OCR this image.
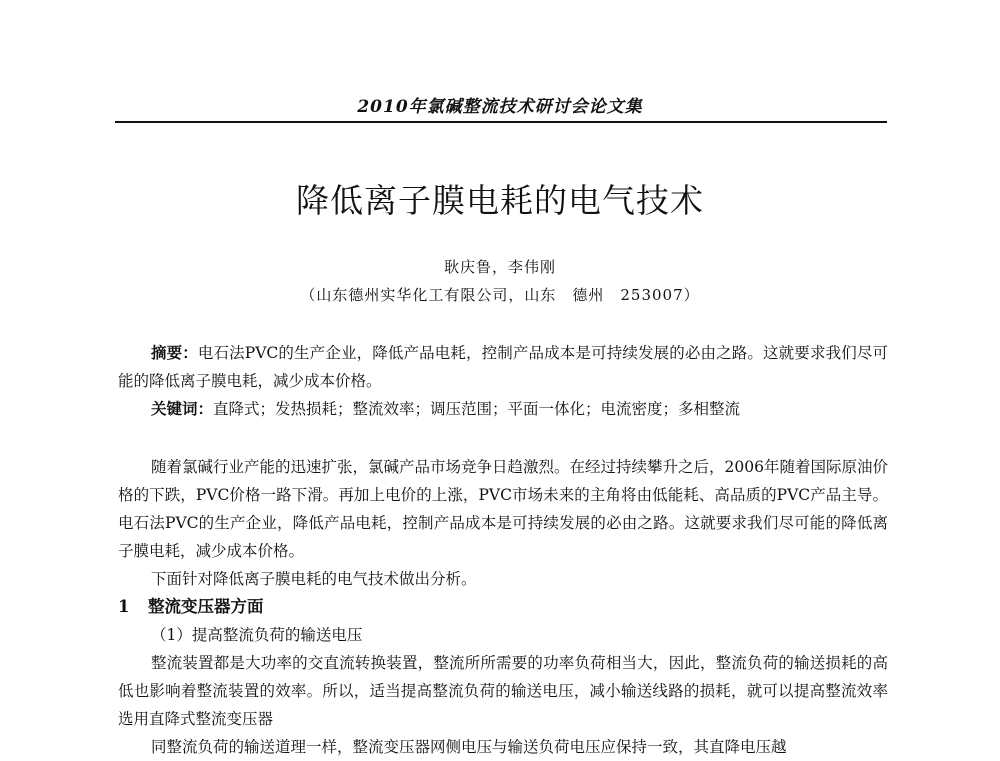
2010年氯碱整流技术研讨会论文集
降低离子膜电耗的电气技术
耿庆鲁，李伟刚
（山东德州实华化工有限公司，山东　德州　253007）

摘要：电石法PVC的生产企业，降低产品电耗，控制产品成本是可持续发展的必由之路。这就要求我们尽可能的降低离子膜电耗，减少成本价格。

关键词：直降式；发热损耗；整流效率；调压范围；平面一体化；电流密度；多相整流

随着氯碱行业产能的迅速扩张，氯碱产品市场竞争日趋激烈。在经过持续攀升之后，2006年随着国际原油价格的下跌，PVC价格一路下滑。再加上电价的上涨，PVC市场未来的主角将由低能耗、高品质的PVC产品主导。电石法PVC的生产企业，降低产品电耗，控制产品成本是可持续发展的必由之路。这就要求我们尽可能的降低离子膜电耗，减少成本价格。

下面针对降低离子膜电耗的电气技术做出分析。

1 整流变压器方面

（1）提高整流负荷的输送电压

整流装置都是大功率的交直流转换装置，整流所所需要的功率负荷相当大，因此，整流负荷的输送损耗的高低也影响着整流装置的效率。所以，适当提高整流负荷的输送电压，减小输送线路的损耗，就可以提高整流效率选用直降式整流变压器

同整流负荷的输送道理一样，整流变压器网侧电压与输送负荷电压应保持一致，其直降电压越
